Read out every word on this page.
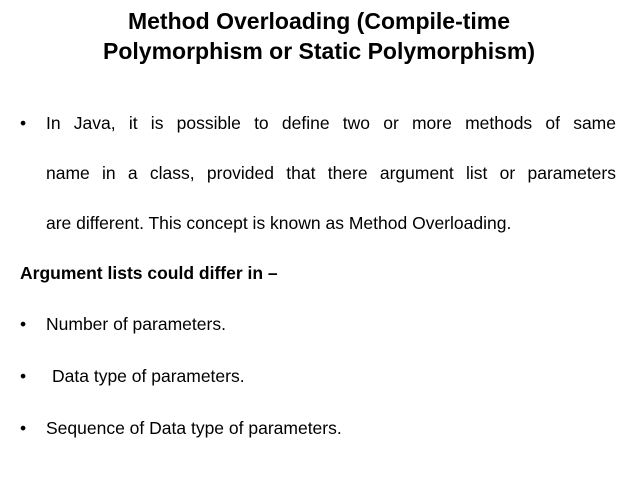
Method Overloading (Compile-time
Polymorphism or Static Polymorphism)
• In Java, it is possible to define two or more methods of same
name in a class, provided that there argument list or parameters
are different. This concept is known as Method Overloading.
Argument lists could differ in –
• Number of parameters.
• Data type of parameters.
• Sequence of Data type of parameters.
